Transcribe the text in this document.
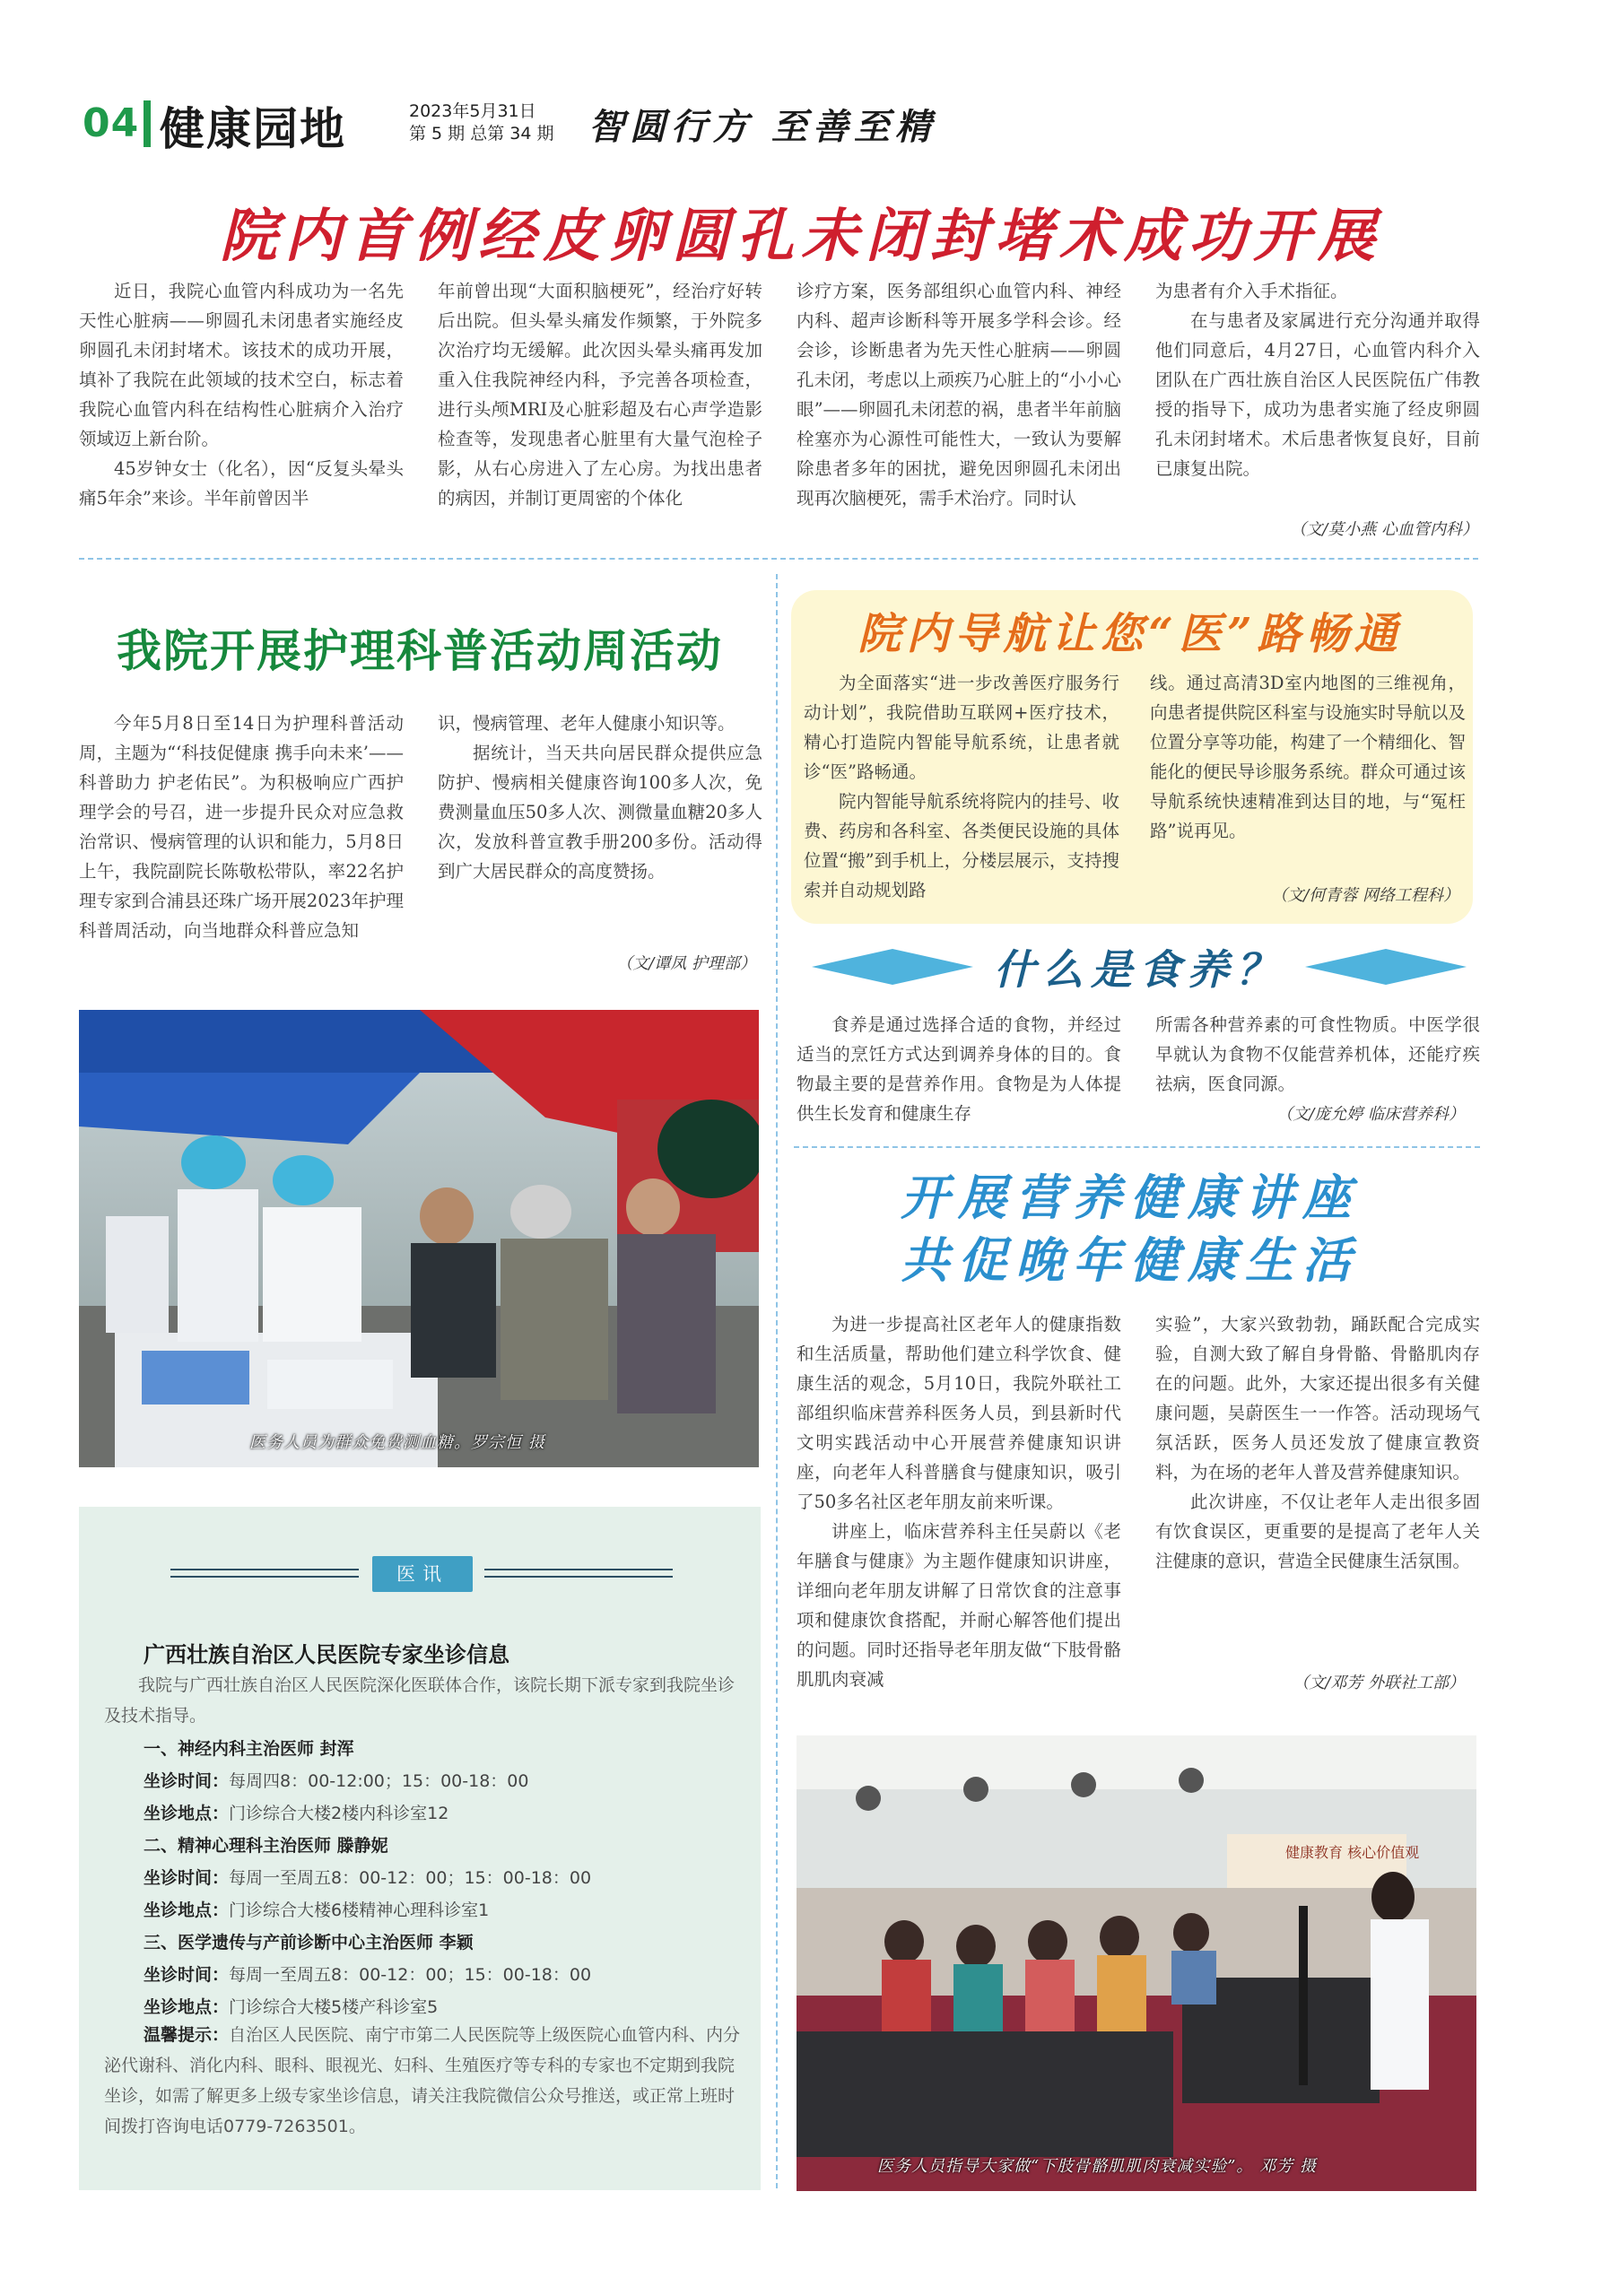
04 健康园地	2023年5月31日
第 5 期 总第 34 期 智圆行方 至善至精
院内首例经皮卵圆孔未闭封堵术成功开展

近日，我院心血管内科成功为一名先天性心脏病——卵圆孔未闭患者实施经皮卵圆孔未闭封堵术。该技术的成功开展，填补了我院在此领域的技术空白，标志着我院心血管内科在结构性心脏病介入治疗领域迈上新台阶。

45岁钟女士（化名），因“反复头晕头痛5年余”来诊。半年前曾因半

年前曾出现“大面积脑梗死”，经治疗好转后出院。但头晕头痛发作频繁，于外院多次治疗均无缓解。此次因头晕头痛再发加重入住我院神经内科，予完善各项检查，进行头颅MRI及心脏彩超及右心声学造影检查等，发现患者心脏里有大量气泡栓子影，从右心房进入了左心房。为找出患者的病因，并制订更周密的个体化
诊疗方案，医务部组织心血管内科、神经内科、超声诊断科等开展多学科会诊。经会诊，诊断患者为先天性心脏病——卵圆孔未闭，考虑以上顽疾乃心脏上的“小小心眼”——卵圆孔未闭惹的祸，患者半年前脑栓塞亦为心源性可能性大，一致认为要解除患者多年的困扰，避免因卵圆孔未闭出现再次脑梗死，需手术治疗。同时认
为患者有介入手术指征。

在与患者及家属进行充分沟通并取得他们同意后，4月27日，心血管内科介入团队在广西壮族自治区人民医院伍广伟教授的指导下，成功为患者实施了经皮卵圆孔未闭封堵术。术后患者恢复良好，目前已康复出院。

（文/莫小燕 心血管内科）
我院开展护理科普活动周活动

今年5月8日至14日为护理科普活动周，主题为“‘科技促健康 携手向未来’——科普助力 护老佑民”。为积极响应广西护理学会的号召，进一步提升民众对应急救治常识、慢病管理的认识和能力，5月8日上午，我院副院长陈敬松带队，率22名护理专家到合浦县还珠广场开展2023年护理科普周活动，向当地群众科普应急知

识，慢病管理、老年人健康小知识等。

据统计，当天共向居民群众提供应急防护、慢病相关健康咨询100多人次，免费测量血压50多人次、测微量血糖20多人次，发放科普宣教手册200多份。活动得到广大居民群众的高度赞扬。

（文/谭凤 护理部）
医务人员为群众免费测血糖。罗宗恒 摄
院内导航让您“医”路畅通

为全面落实“进一步改善医疗服务行动计划”，我院借助互联网+医疗技术，精心打造院内智能导航系统，让患者就诊“医”路畅通。

院内智能导航系统将院内的挂号、收费、药房和各科室、各类便民设施的具体位置“搬”到手机上，分楼层展示，支持搜索并自动规划路

线。通过高清3D室内地图的三维视角，向患者提供院区科室与设施实时导航以及位置分享等功能，构建了一个精细化、智能化的便民导诊服务系统。群众可通过该导航系统快速精准到达目的地，与“冤枉路”说再见。
（文/何青蓉 网络工程科）
什么是食养？

食养是通过选择合适的食物，并经过适当的烹饪方式达到调养身体的目的。食物最主要的是营养作用。食物是为人体提供生长发育和健康生存

所需各种营养素的可食性物质。中医学很早就认为食物不仅能营养机体，还能疗疾祛病，医食同源。
（文/庞允婷 临床营养科）
开展营养健康讲座
共促晚年健康生活

为进一步提高社区老年人的健康指数和生活质量，帮助他们建立科学饮食、健康生活的观念，5月10日，我院外联社工部组织临床营养科医务人员，到县新时代文明实践活动中心开展营养健康知识讲座，向老年人科普膳食与健康知识，吸引了50多名社区老年朋友前来听课。

讲座上，临床营养科主任吴蔚以《老年膳食与健康》为主题作健康知识讲座，详细向老年朋友讲解了日常饮食的注意事项和健康饮食搭配，并耐心解答他们提出的问题。同时还指导老年朋友做“下肢骨骼肌肌肉衰减

实验”，大家兴致勃勃，踊跃配合完成实验，自测大致了解自身骨骼、骨骼肌肉存在的问题。此外，大家还提出很多有关健康问题，吴蔚医生一一作答。活动现场气氛活跃，医务人员还发放了健康宣教资料，为在场的老年人普及营养健康知识。

此次讲座，不仅让老年人走出很多固有饮食误区，更重要的是提高了老年人关注健康的意识，营造全民健康生活氛围。

（文/邓芳 外联社工部）
健康教育 核心价值观
医务人员指导大家做“下肢骨骼肌肌肉衰减实验”。 邓芳 摄
医讯
广西壮族自治区人民医院专家坐诊信息
我院与广西壮族自治区人民医院深化医联体合作，该院长期下派专家到我院坐诊及技术指导。
一、神经内科主治医师 封浑
坐诊时间：每周四8：00-12:00；15：00-18：00
坐诊地点：门诊综合大楼2楼内科诊室12
二、精神心理科主治医师 滕静妮
坐诊时间：每周一至周五8：00-12：00；15：00-18：00
坐诊地点：门诊综合大楼6楼精神心理科诊室1
三、医学遗传与产前诊断中心主治医师 李颖
坐诊时间：每周一至周五8：00-12：00；15：00-18：00
坐诊地点：门诊综合大楼5楼产科诊室5
温馨提示：自治区人民医院、南宁市第二人民医院等上级医院心血管内科、内分泌代谢科、消化内科、眼科、眼视光、妇科、生殖医疗等专科的专家也不定期到我院坐诊，如需了解更多上级专家坐诊信息，请关注我院微信公众号推送，或正常上班时间拨打咨询电话0779-7263501。
